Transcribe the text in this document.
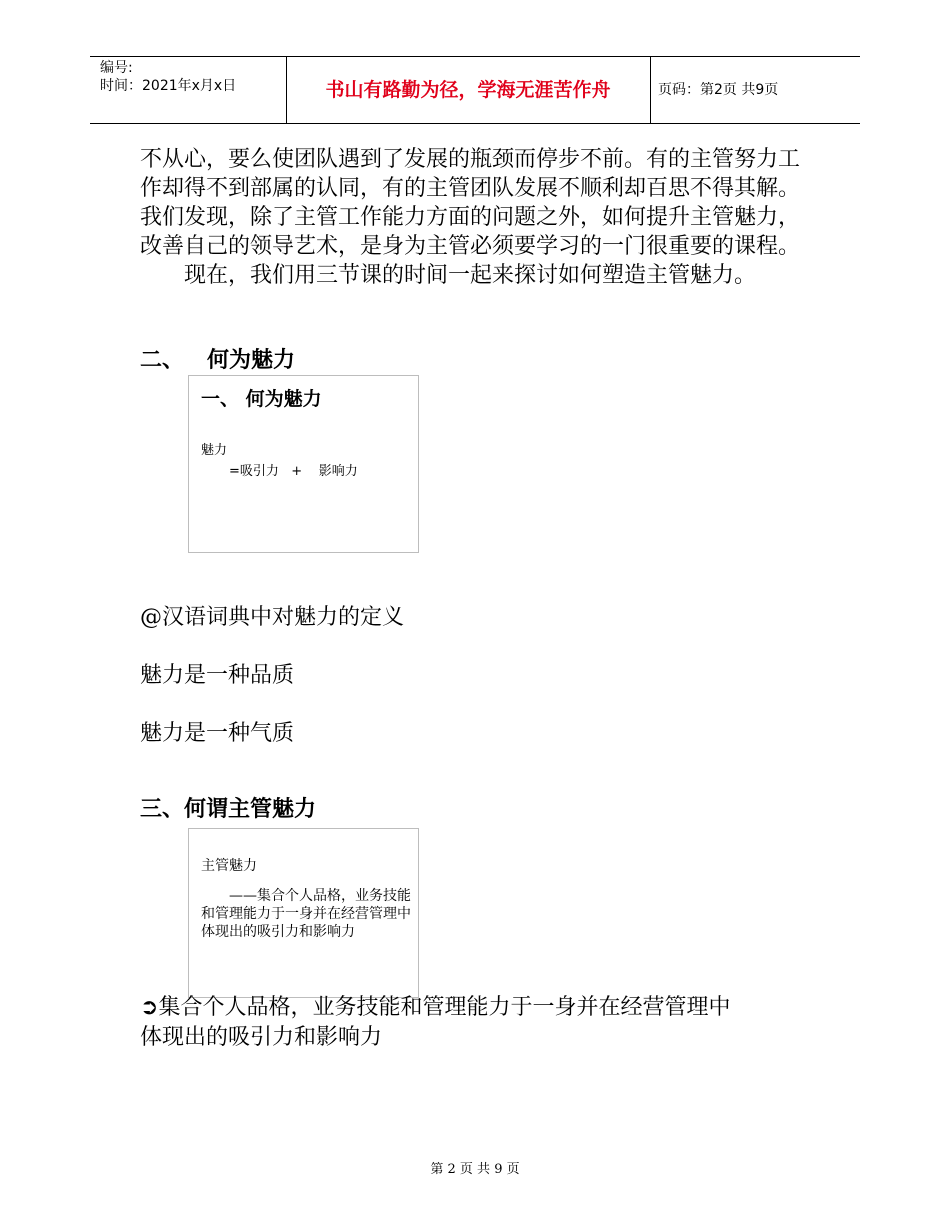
编号:
时间：2021年x月x日	书山有路勤为径，学海无涯苦作舟	页码：第2页 共9页

不从心，要么使团队遇到了发展的瓶颈而停步不前。有的主管努力工作却得不到部属的认同，有的主管团队发展不顺利却百思不得其解。我们发现，除了主管工作能力方面的问题之外，如何提升主管魅力，改善自己的领导艺术，是身为主管必须要学习的一门很重要的课程。

现在，我们用三节课的时间一起来探讨如何塑造主管魅力。

二、   何为魅力
一、 何为魅力
魅力
=吸引力   +    影响力
@汉语词典中对魅力的定义
魅力是一种品质
魅力是一种气质
三、何谓主管魅力
主管魅力
——集合个人品格，业务技能和管理能力于一身并在经营管理中体现出的吸引力和影响力
➲集合个人品格，业务技能和管理能力于一身并在经营管理中
体现出的吸引力和影响力
第 2 页 共 9 页
